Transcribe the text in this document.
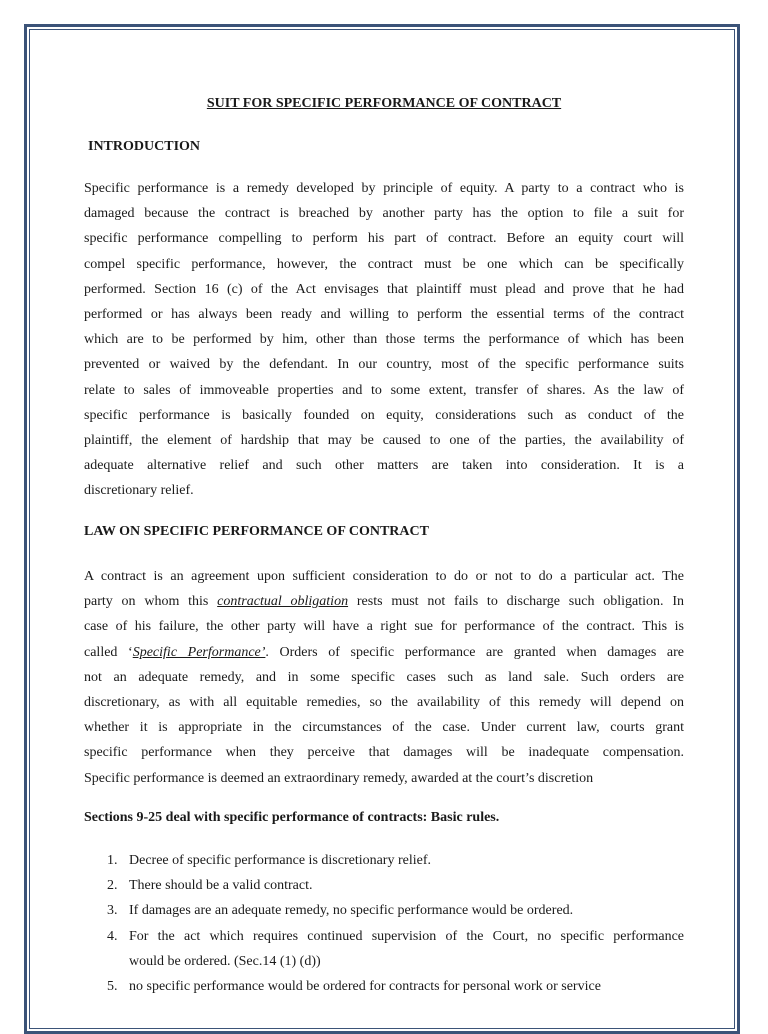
SUIT FOR SPECIFIC PERFORMANCE OF CONTRACT
INTRODUCTION

Specific performance is a remedy developed by principle of equity. A party to a contract who is
damaged because the contract is breached by another party has the option to file a suit for
specific performance compelling to perform his part of contract. Before an equity court will
compel specific performance, however, the contract must be one which can be specifically
performed. Section 16 (c) of the Act envisages that plaintiff must plead and prove that he had
performed or has always been ready and willing to perform the essential terms of the contract
which are to be performed by him, other than those terms the performance of which has been
prevented or waived by the defendant. In our country, most of the specific performance suits
relate to sales of immoveable properties and to some extent, transfer of shares. As the law of
specific performance is basically founded on equity, considerations such as conduct of the
plaintiff, the element of hardship that may be caused to one of the parties, the availability of
adequate alternative relief and such other matters are taken into consideration. It is a
discretionary relief.

LAW ON SPECIFIC PERFORMANCE OF CONTRACT

A contract is an agreement upon sufficient consideration to do or not to do a particular act. The
party on whom this contractual obligation rests must not fails to discharge such obligation. In
case of his failure, the other party will have a right sue for performance of the contract. This is
called ‘Specific Performance’. Orders of specific performance are granted when damages are
not an adequate remedy, and in some specific cases such as land sale. Such orders are
discretionary, as with all equitable remedies, so the availability of this remedy will depend on
whether it is appropriate in the circumstances of the case. Under current law, courts grant
specific performance when they perceive that damages will be inadequate compensation.
Specific performance is deemed an extraordinary remedy, awarded at the court’s discretion

Sections 9-25 deal with specific performance of contracts: Basic rules.
1. Decree of specific performance is discretionary relief.
2. There should be a valid contract.
3. If damages are an adequate remedy, no specific performance would be ordered.
4. For the act which requires continued supervision of the Court, no specific performance
would be ordered. (Sec.14 (1) (d))
5. no specific performance would be ordered for contracts for personal work or service
